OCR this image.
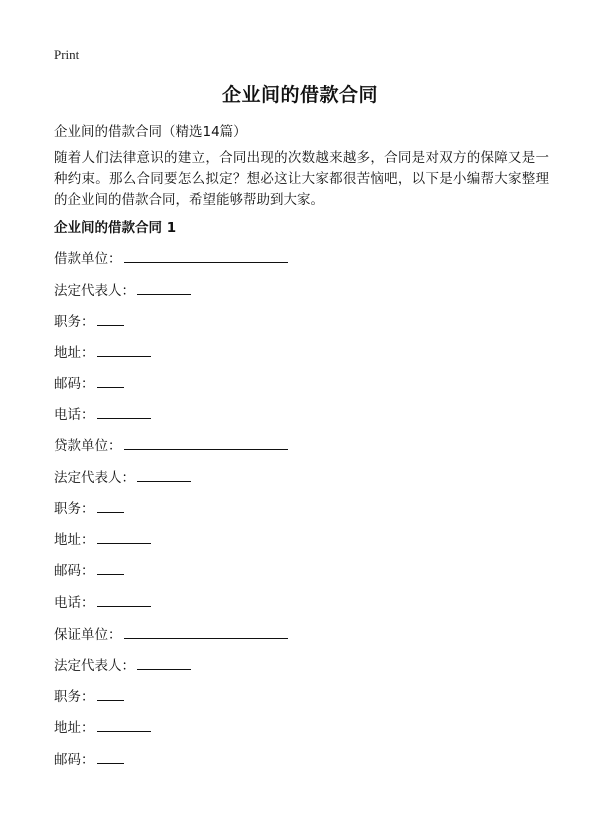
Print
企业间的借款合同
企业间的借款合同（精选14篇）
随着人们法律意识的建立，合同出现的次数越来越多，合同是对双方的保障又是一种约束。那么合同要怎么拟定？想必这让大家都很苦恼吧，以下是小编帮大家整理的企业间的借款合同，希望能够帮助到大家。
企业间的借款合同 1
借款单位：
法定代表人：
职务：
地址：
邮码：
电话：
贷款单位：
法定代表人：
职务：
地址：
邮码：
电话：
保证单位：
法定代表人：
职务：
地址：
邮码：
